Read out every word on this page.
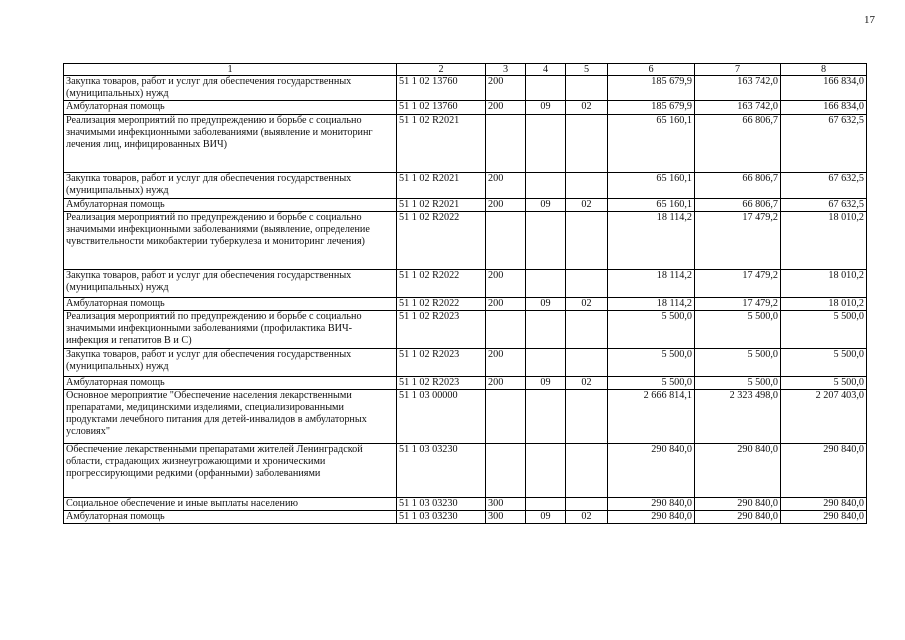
17
1	2	3	4	5	6	7	8
Закупка товаров, работ и услуг для обеспечения государственных (муниципальных) нужд	51 1 02 13760	200			185 679,9	163 742,0	166 834,0
Амбулаторная помощь	51 1 02 13760	200	09	02	185 679,9	163 742,0	166 834,0
Реализация мероприятий по предупреждению и борьбе с социально значимыми инфекционными заболеваниями (выявление и мониторинг лечения лиц, инфицированных ВИЧ)	51 1 02 R2021				65 160,1	66 806,7	67 632,5
Закупка товаров, работ и услуг для обеспечения государственных (муниципальных) нужд	51 1 02 R2021	200			65 160,1	66 806,7	67 632,5
Амбулаторная помощь	51 1 02 R2021	200	09	02	65 160,1	66 806,7	67 632,5
Реализация мероприятий по предупреждению и борьбе с социально значимыми инфекционными заболеваниями (выявление, определение чувствительности микобактерии туберкулеза и мониторинг лечения)	51 1 02 R2022				18 114,2	17 479,2	18 010,2
Закупка товаров, работ и услуг для обеспечения государственных (муниципальных) нужд	51 1 02 R2022	200			18 114,2	17 479,2	18 010,2
Амбулаторная помощь	51 1 02 R2022	200	09	02	18 114,2	17 479,2	18 010,2
Реализация мероприятий по предупреждению и борьбе с социально значимыми инфекционными заболеваниями (профилактика ВИЧ-инфекция и гепатитов В и С)	51 1 02 R2023				5 500,0	5 500,0	5 500,0
Закупка товаров, работ и услуг для обеспечения государственных (муниципальных) нужд	51 1 02 R2023	200			5 500,0	5 500,0	5 500,0
Амбулаторная помощь	51 1 02 R2023	200	09	02	5 500,0	5 500,0	5 500,0
Основное мероприятие "Обеспечение населения лекарственными препаратами, медицинскими изделиями, специализированными продуктами лечебного питания для детей-инвалидов в амбулаторных условиях"	51 1 03 00000				2 666 814,1	2 323 498,0	2 207 403,0
Обеспечение лекарственными препаратами жителей Ленинградской области, страдающих жизнеугрожающими и хроническими прогрессирующими редкими (орфанными) заболеваниями	51 1 03 03230				290 840,0	290 840,0	290 840,0
Социальное обеспечение и иные выплаты населению	51 1 03 03230	300			290 840,0	290 840,0	290 840,0
Амбулаторная помощь	51 1 03 03230	300	09	02	290 840,0	290 840,0	290 840,0
